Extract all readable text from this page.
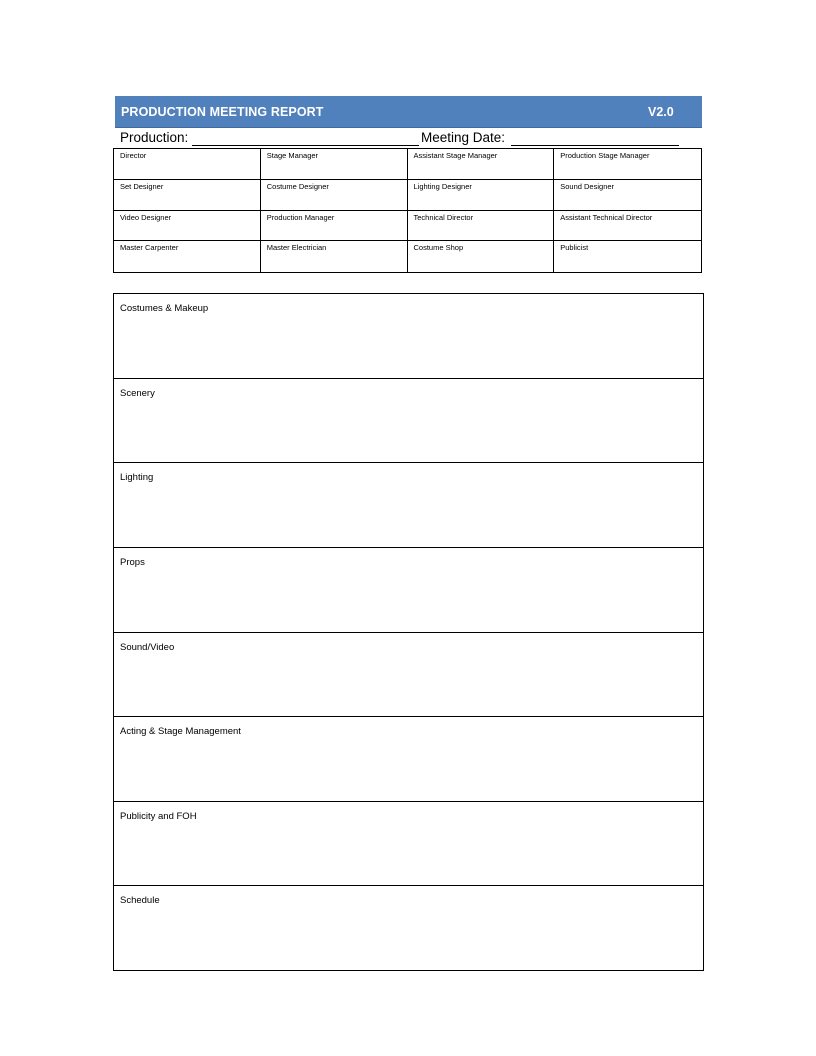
PRODUCTION MEETING REPORT	V2.0
Production:	Meeting Date:
Director	Stage Manager	Assistant Stage Manager	Production Stage Manager
Set Designer	Costume Designer	Lighting Designer	Sound Designer
Video Designer	Production Manager	Technical Director	Assistant Technical Director
Master Carpenter	Master Electrician	Costume Shop	Publicist
Costumes & Makeup
Scenery
Lighting
Props
Sound/Video
Acting & Stage Management
Publicity and FOH
Schedule
